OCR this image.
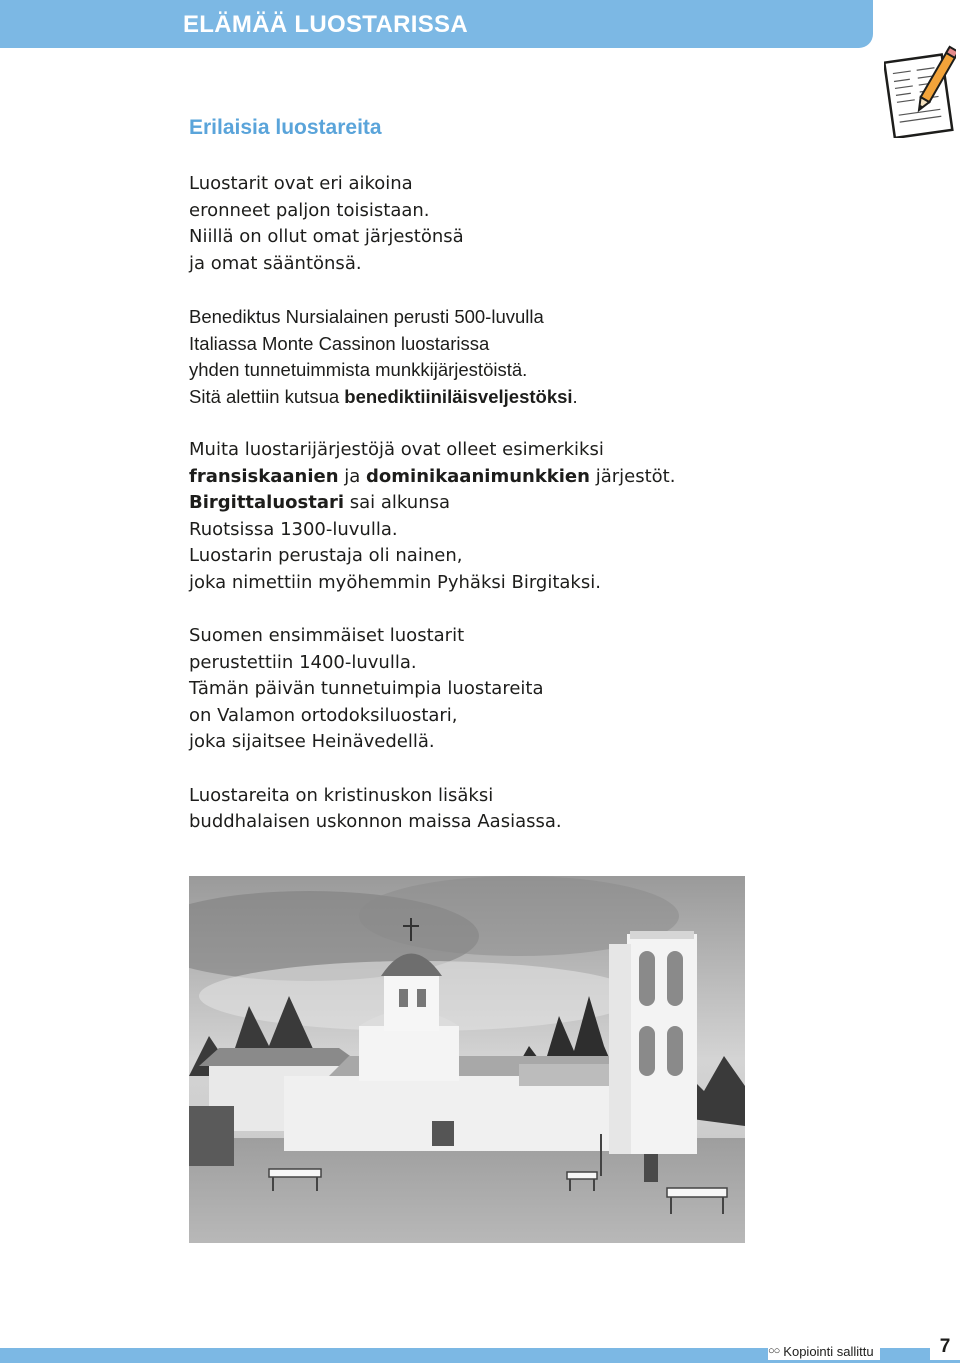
ELÄMÄÄ LUOSTARISSA
Erilaisia luostareita
Luostarit ovat eri aikoina
eronneet paljon toisistaan.
Niillä on ollut omat järjestönsä
ja omat sääntönsä.
Benediktus Nursialainen perusti 500-luvulla
Italiassa Monte Cassinon luostarissa
yhden tunnetuimmista munkkijärjestöistä.
Sitä alettiin kutsua benediktiiniläisveljestöksi.
Muita luostarijärjestöjä ovat olleet esimerkiksi
fransiskaanien ja dominikaanimunkkien järjestöt.
Birgittaluostari sai alkunsa
Ruotsissa 1300-luvulla.
Luostarin perustaja oli nainen,
joka nimettiin myöhemmin Pyhäksi Birgitaksi.
Suomen ensimmäiset luostarit
perustettiin 1400-luvulla.
Tämän päivän tunnetuimpia luostareita
on Valamon ortodoksiluostari,
joka sijaitsee Heinävedellä.
Luostareita on kristinuskon lisäksi
buddhalaisen uskonnon maissa Aasiassa.
○○ Kopiointi sallittu	7
